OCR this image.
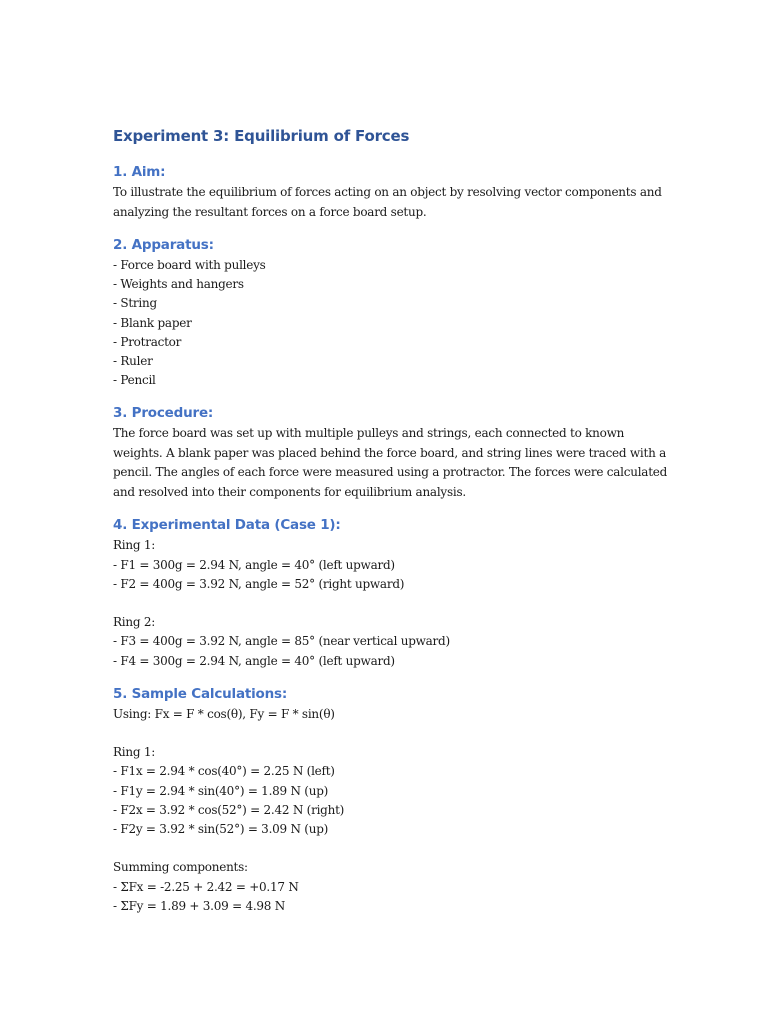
Experiment 3: Equilibrium of Forces
1. Aim:

To illustrate the equilibrium of forces acting on an object by resolving vector components and analyzing the resultant forces on a force board setup.

2. Apparatus:

- Force board with pulleys

- Weights and hangers

- String

- Blank paper

- Protractor

- Ruler

- Pencil

3. Procedure:

The force board was set up with multiple pulleys and strings, each connected to known weights. A blank paper was placed behind the force board, and string lines were traced with a pencil. The angles of each force were measured using a protractor. The forces were calculated and resolved into their components for equilibrium analysis.

4. Experimental Data (Case 1):

Ring 1:

- F1 = 300g = 2.94 N, angle = 40° (left upward)

- F2 = 400g = 3.92 N, angle = 52° (right upward)

Ring 2:

- F3 = 400g = 3.92 N, angle = 85° (near vertical upward)

- F4 = 300g = 2.94 N, angle = 40° (left upward)

5. Sample Calculations:

Using: Fx = F * cos(θ), Fy = F * sin(θ)

Ring 1:

- F1x = 2.94 * cos(40°) = 2.25 N (left)

- F1y = 2.94 * sin(40°) = 1.89 N (up)

- F2x = 3.92 * cos(52°) = 2.42 N (right)

- F2y = 3.92 * sin(52°) = 3.09 N (up)

Summing components:

- ΣFx = -2.25 + 2.42 = +0.17 N

- ΣFy = 1.89 + 3.09 = 4.98 N
